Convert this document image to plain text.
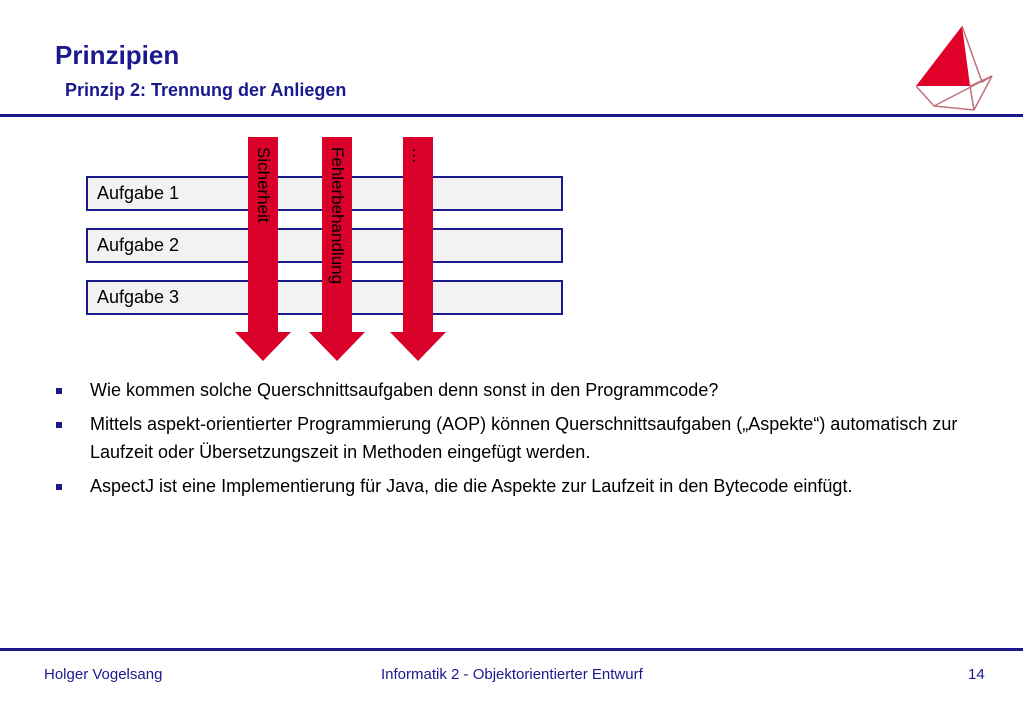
Prinzipien
Prinzip 2: Trennung der Anliegen
Aufgabe 1
Aufgabe 2
Aufgabe 3
Sicherheit	Fehlerbehandlung	…
Wie kommen solche Querschnittsaufgaben denn sonst in den Programmcode?
Mittels aspekt-orientierter Programmierung (AOP) können Querschnittsaufgaben („Aspekte“) automatisch zur Laufzeit oder Übersetzungszeit in Methoden eingefügt werden.
AspectJ ist eine Implementierung für Java, die die Aspekte zur Laufzeit in den Bytecode einfügt.
Holger Vogelsang	Informatik 2 - Objektorientierter Entwurf	14
